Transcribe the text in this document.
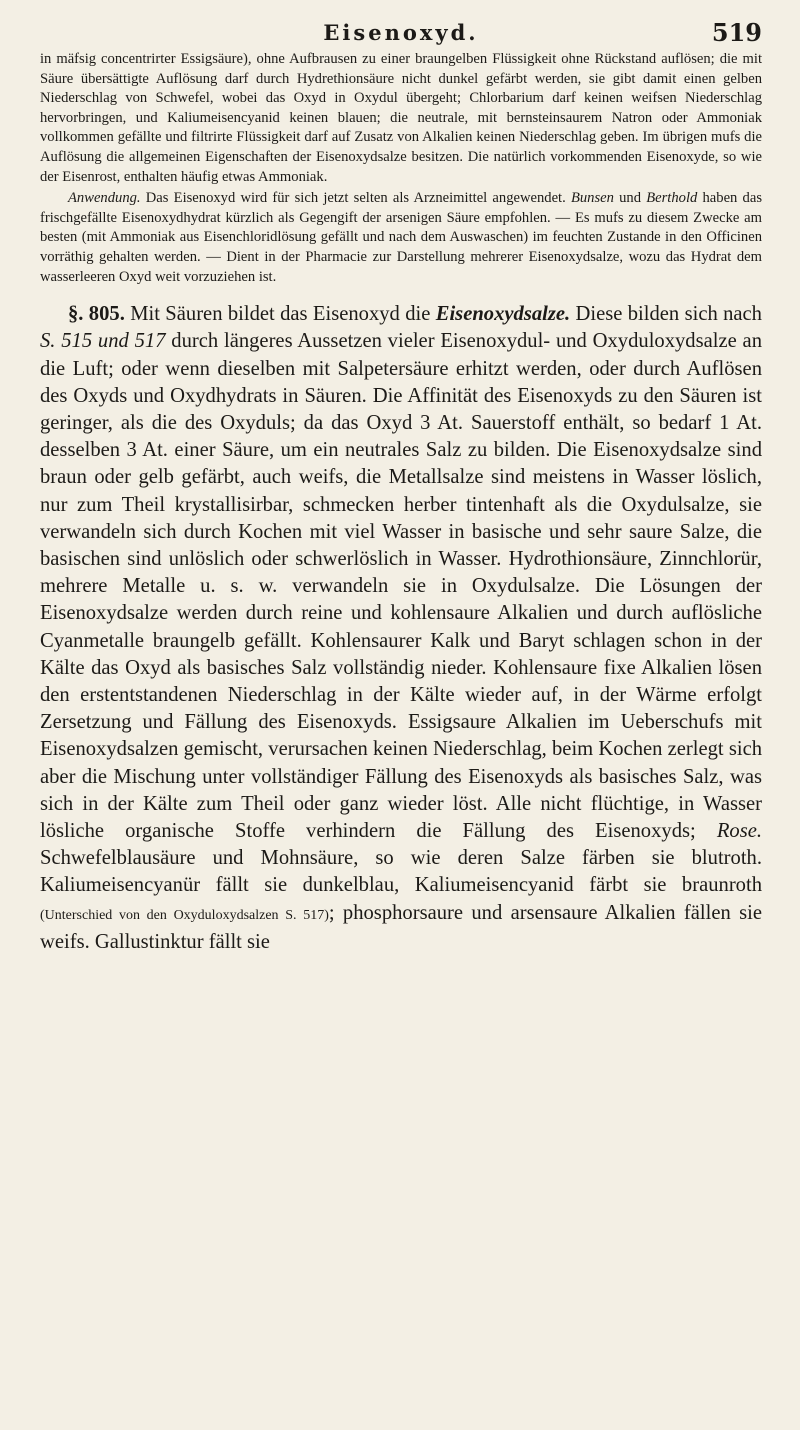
Eisenoxyd.	519

in mäfsig concentrirter Essigsäure), ohne Aufbrausen zu einer braungelben Flüssigkeit ohne Rückstand auflösen; die mit Säure übersättigte Auflösung darf durch Hydrethionsäure nicht dunkel gefärbt werden, sie gibt damit einen gelben Niederschlag von Schwefel, wobei das Oxyd in Oxydul übergeht; Chlorbarium darf keinen weifsen Niederschlag hervorbringen, und Kaliumeisencyanid keinen blauen; die neutrale, mit bernsteinsaurem Natron oder Ammoniak vollkommen gefällte und filtrirte Flüssigkeit darf auf Zusatz von Alkalien keinen Niederschlag geben. Im übrigen mufs die Auflösung die allgemeinen Eigenschaften der Eisenoxydsalze besitzen. Die natürlich vorkommenden Eisenoxyde, so wie der Eisenrost, enthalten häufig etwas Ammoniak.

Anwendung. Das Eisenoxyd wird für sich jetzt selten als Arzneimittel angewendet. Bunsen und Berthold haben das frischgefällte Eisenoxydhydrat kürzlich als Gegengift der arsenigen Säure empfohlen. — Es mufs zu diesem Zwecke am besten (mit Ammoniak aus Eisenchloridlösung gefällt und nach dem Auswaschen) im feuchten Zustande in den Officinen vorräthig gehalten werden. — Dient in der Pharmacie zur Darstellung mehrerer Eisenoxydsalze, wozu das Hydrat dem wasserleeren Oxyd weit vorzuziehen ist.

§. 805. Mit Säuren bildet das Eisenoxyd die Eisenoxydsalze. Diese bilden sich nach S. 515 und 517 durch längeres Aussetzen vieler Eisenoxydul- und Oxyduloxydsalze an die Luft; oder wenn dieselben mit Salpetersäure erhitzt werden, oder durch Auflösen des Oxyds und Oxydhydrats in Säuren. Die Affinität des Eisenoxyds zu den Säuren ist geringer, als die des Oxyduls; da das Oxyd 3 At. Sauerstoff enthält, so bedarf 1 At. desselben 3 At. einer Säure, um ein neutrales Salz zu bilden. Die Eisenoxydsalze sind braun oder gelb gefärbt, auch weifs, die Metallsalze sind meistens in Wasser löslich, nur zum Theil krystallisirbar, schmecken herber tintenhaft als die Oxydulsalze, sie verwandeln sich durch Kochen mit viel Wasser in basische und sehr saure Salze, die basischen sind unlöslich oder schwerlöslich in Wasser. Hydrothionsäure, Zinnchlorür, mehrere Metalle u. s. w. verwandeln sie in Oxydulsalze. Die Lösungen der Eisenoxydsalze werden durch reine und kohlensaure Alkalien und durch auflösliche Cyanmetalle braungelb gefällt. Kohlensaurer Kalk und Baryt schlagen schon in der Kälte das Oxyd als basisches Salz vollständig nieder. Kohlensaure fixe Alkalien lösen den erstentstandenen Niederschlag in der Kälte wieder auf, in der Wärme erfolgt Zersetzung und Fällung des Eisenoxyds. Essigsaure Alkalien im Ueberschufs mit Eisenoxydsalzen gemischt, verursachen keinen Niederschlag, beim Kochen zerlegt sich aber die Mischung unter vollständiger Fällung des Eisenoxyds als basisches Salz, was sich in der Kälte zum Theil oder ganz wieder löst. Alle nicht flüchtige, in Wasser lösliche organische Stoffe verhindern die Fällung des Eisenoxyds; Rose. Schwefelblausäure und Mohnsäure, so wie deren Salze färben sie blutroth. Kaliumeisencyanür fällt sie dunkelblau, Kaliumeisencyanid färbt sie braunroth (Unterschied von den Oxyduloxydsalzen S. 517); phosphorsaure und arsensaure Alkalien fällen sie weifs. Gallustinktur fällt sie
